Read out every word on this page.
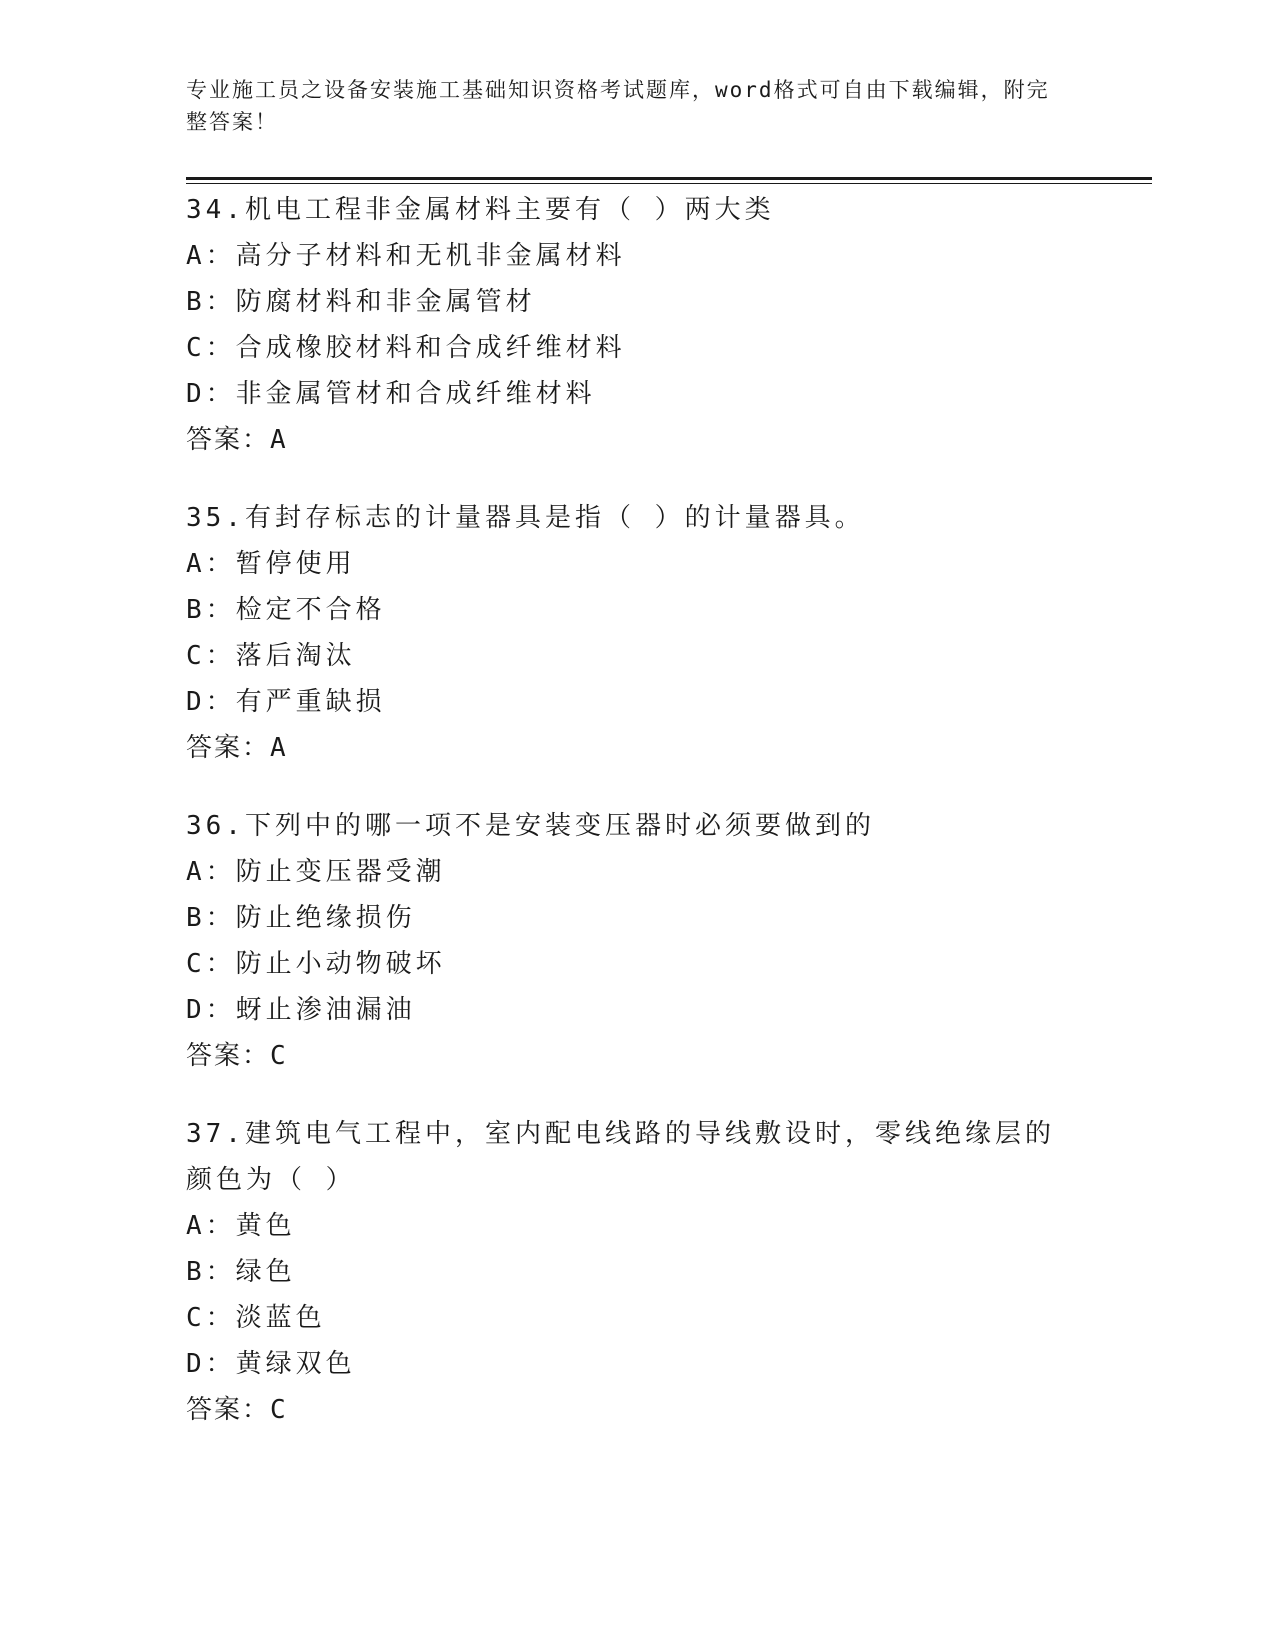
专业施工员之设备安装施工基础知识资格考试题库，word格式可自由下载编辑，附完整答案！
34.机电工程非金属材料主要有（ ）两大类
A：高分子材料和无机非金属材料
B：防腐材料和非金属管材
C：合成橡胶材料和合成纤维材料
D：非金属管材和合成纤维材料
答案：A
35.有封存标志的计量器具是指（ ）的计量器具。
A：暂停使用
B：检定不合格
C：落后淘汰
D：有严重缺损
答案：A
36.下列中的哪一项不是安装变压器时必须要做到的
A：防止变压器受潮
B：防止绝缘损伤
C：防止小动物破坏
D：蚜止渗油漏油
答案：C
37.建筑电气工程中，室内配电线路的导线敷设时，零线绝缘层的颜色为（ ）
A：黄色
B：绿色
C：淡蓝色
D：黄绿双色
答案：C
